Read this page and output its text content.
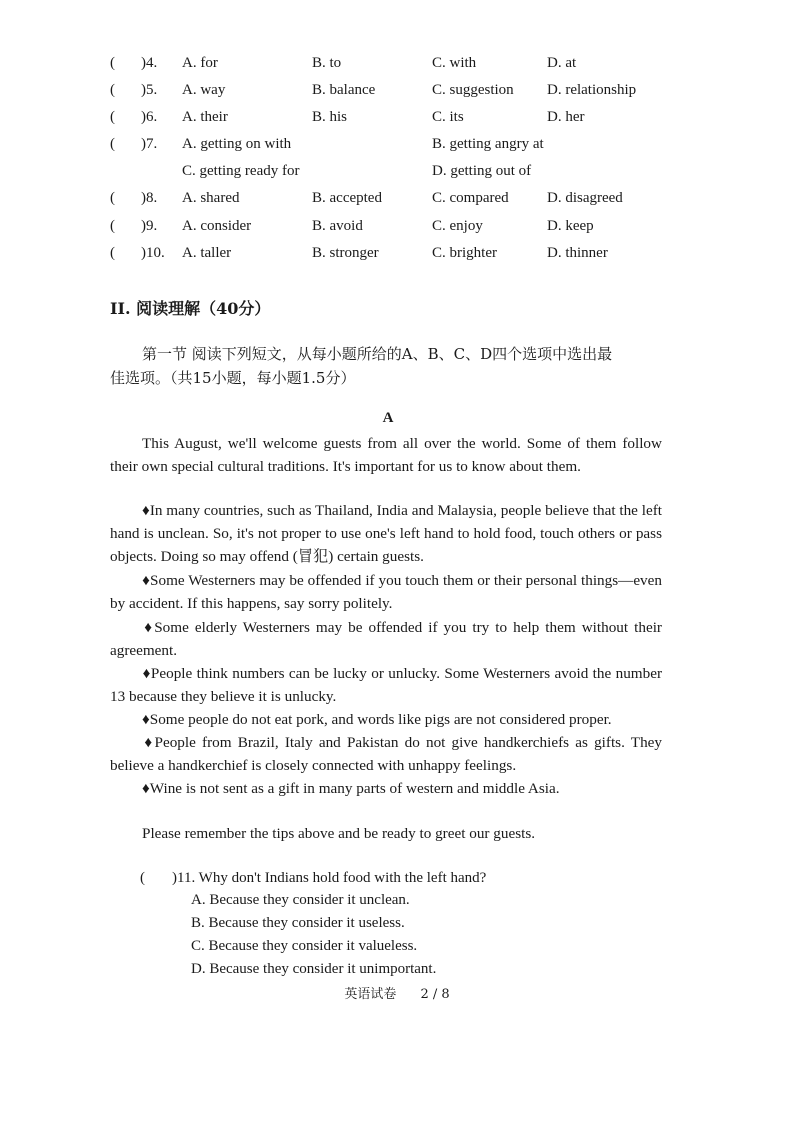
( )4. A. for	B. to	C. with	D. at
( )5. A. way	B. balance	C. suggestion D. relationship
( )6. A. their	B. his	C. its	D. her
( )7. A. getting on with	B. getting angry at
C. getting ready for	D. getting out of
( )8. A. shared	B. accepted	C. compared	D. disagreed
( )9. A. consider	B. avoid	C. enjoy	D. keep
( )10. A. taller	B. stronger	C. brighter	D. thinner
II. 阅读理解（40分）
第一节 阅读下列短文，从每小题所给的A、B、C、D四个选项中选出最
佳选项。（共15小题，每小题1.5分）
A
This August, we'll welcome guests from all over the world. Some of them follow their own special cultural traditions. It's important for us to know about them.
♦In many countries, such as Thailand, India and Malaysia, people believe that the left hand is unclean. So, it's not proper to use one's left hand to hold food, touch others or pass objects. Doing so may offend (冒犯) certain guests.
♦Some Westerners may be offended if you touch them or their personal things—even by accident. If this happens, say sorry politely.
♦Some elderly Westerners may be offended if you try to help them without their agreement.
♦People think numbers can be lucky or unlucky. Some Westerners avoid the number 13 because they believe it is unlucky.
♦Some people do not eat pork, and words like pigs are not considered proper.
♦People from Brazil, Italy and Pakistan do not give handkerchiefs as gifts. They believe a handkerchief is closely connected with unhappy feelings.
♦Wine is not sent as a gift in many parts of western and middle Asia.
Please remember the tips above and be ready to greet our guests.
( )11. Why don't Indians hold food with the left hand?
A. Because they consider it unclean.
B. Because they consider it useless.
C. Because they consider it valueless.
D. Because they consider it unimportant.
英语试卷 2 / 8
